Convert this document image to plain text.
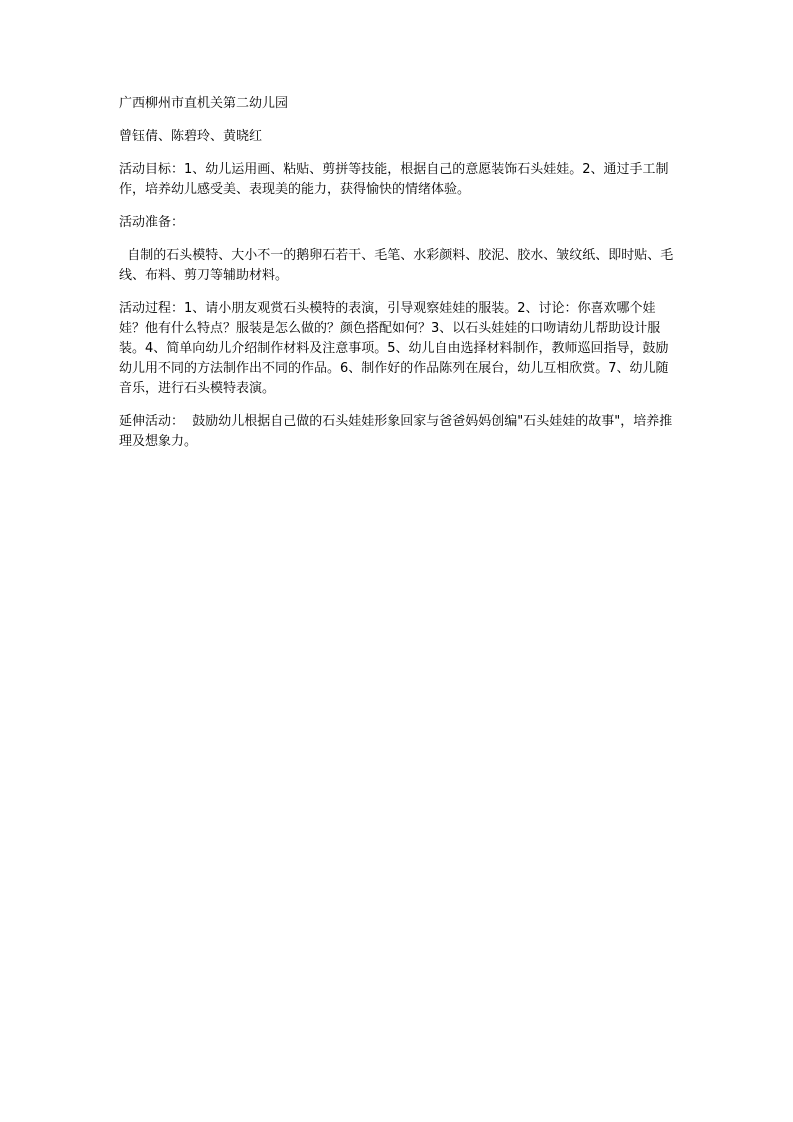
广西柳州市直机关第二幼儿园

曾钰倩、陈碧玲、黄晓红

活动目标：1、幼儿运用画、粘贴、剪拼等技能，根据自己的意愿装饰石头娃娃。2、通过手工制作，培养幼儿感受美、表现美的能力，获得愉快的情绪体验。

活动准备：

自制的石头模特、大小不一的鹅卵石若干、毛笔、水彩颜料、胶泥、胶水、皱纹纸、即时贴、毛线、布料、剪刀等辅助材料。

活动过程：1、请小朋友观赏石头模特的表演，引导观察娃娃的服装。2、讨论：你喜欢哪个娃娃？他有什么特点？服装是怎么做的？颜色搭配如何？3、以石头娃娃的口吻请幼儿帮助设计服装。4、简单向幼儿介绍制作材料及注意事项。5、幼儿自由选择材料制作，教师巡回指导，鼓励幼儿用不同的方法制作出不同的作品。6、制作好的作品陈列在展台，幼儿互相欣赏。7、幼儿随音乐，进行石头模特表演。

延伸活动：  鼓励幼儿根据自己做的石头娃娃形象回家与爸爸妈妈创编"石头娃娃的故事"，培养推理及想象力。
